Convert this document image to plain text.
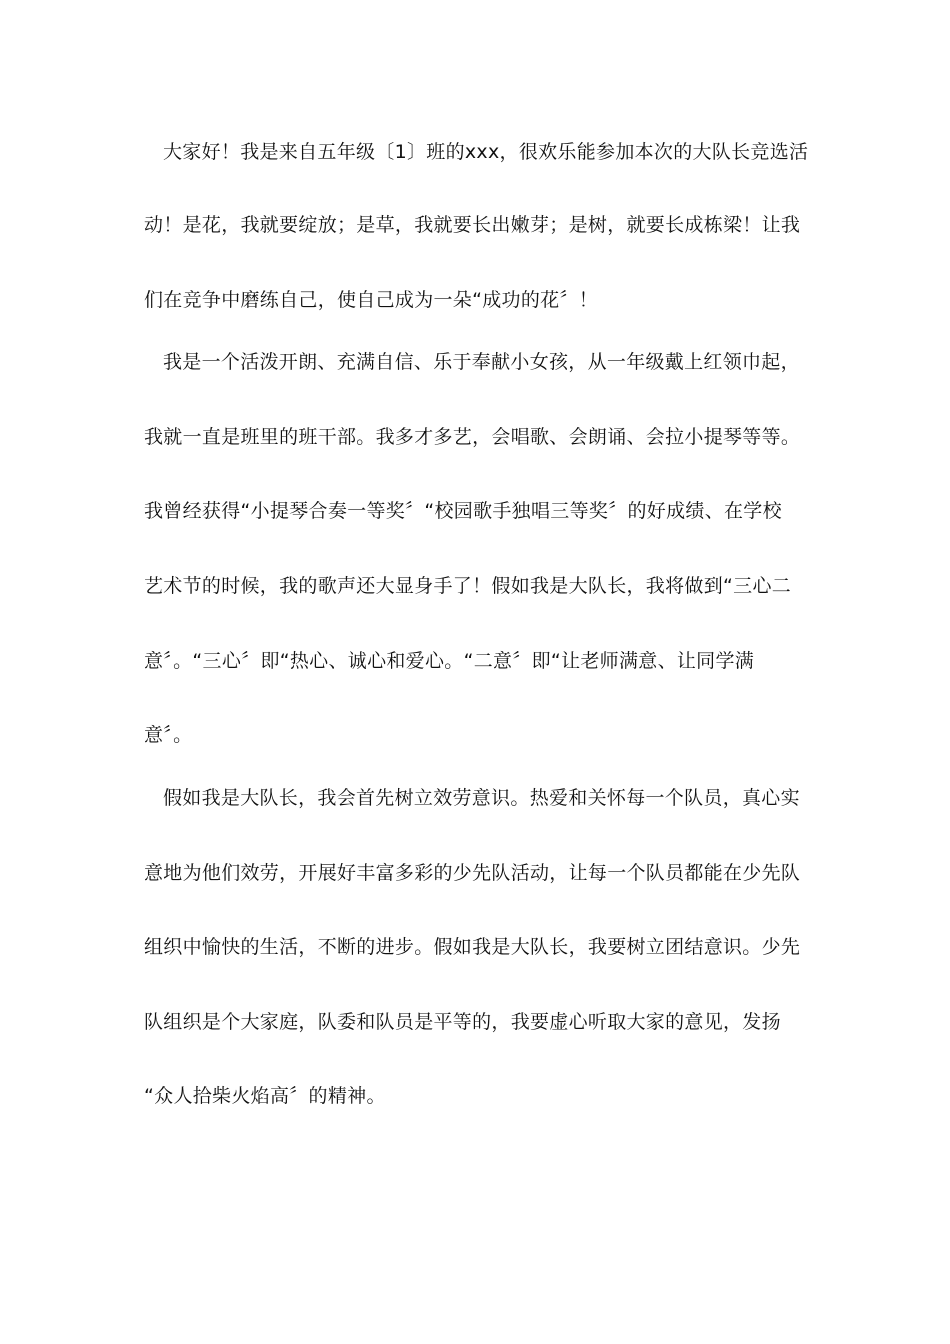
大家好！我是来自五年级〔1〕班的xxx，很欢乐能参加本次的大队长竞选活
动！是花，我就要绽放；是草，我就要长出嫩芽；是树，就要长成栋梁！让我
们在竞争中磨练自己，使自己成为一朵“成功的花〞！
我是一个活泼开朗、充满自信、乐于奉献小女孩，从一年级戴上红领巾起，
我就一直是班里的班干部。我多才多艺，会唱歌、会朗诵、会拉小提琴等等。
我曾经获得“小提琴合奏一等奖〞“校园歌手独唱三等奖〞的好成绩、在学校
艺术节的时候，我的歌声还大显身手了！假如我是大队长，我将做到“三心二
意〞。“三心〞即“热心、诚心和爱心。“二意〞即“让老师满意、让同学满
意〞。
假如我是大队长，我会首先树立效劳意识。热爱和关怀每一个队员，真心实
意地为他们效劳，开展好丰富多彩的少先队活动，让每一个队员都能在少先队
组织中愉快的生活，不断的进步。假如我是大队长，我要树立团结意识。少先
队组织是个大家庭，队委和队员是平等的，我要虚心听取大家的意见，发扬
“众人拾柴火焰高〞的精神。
